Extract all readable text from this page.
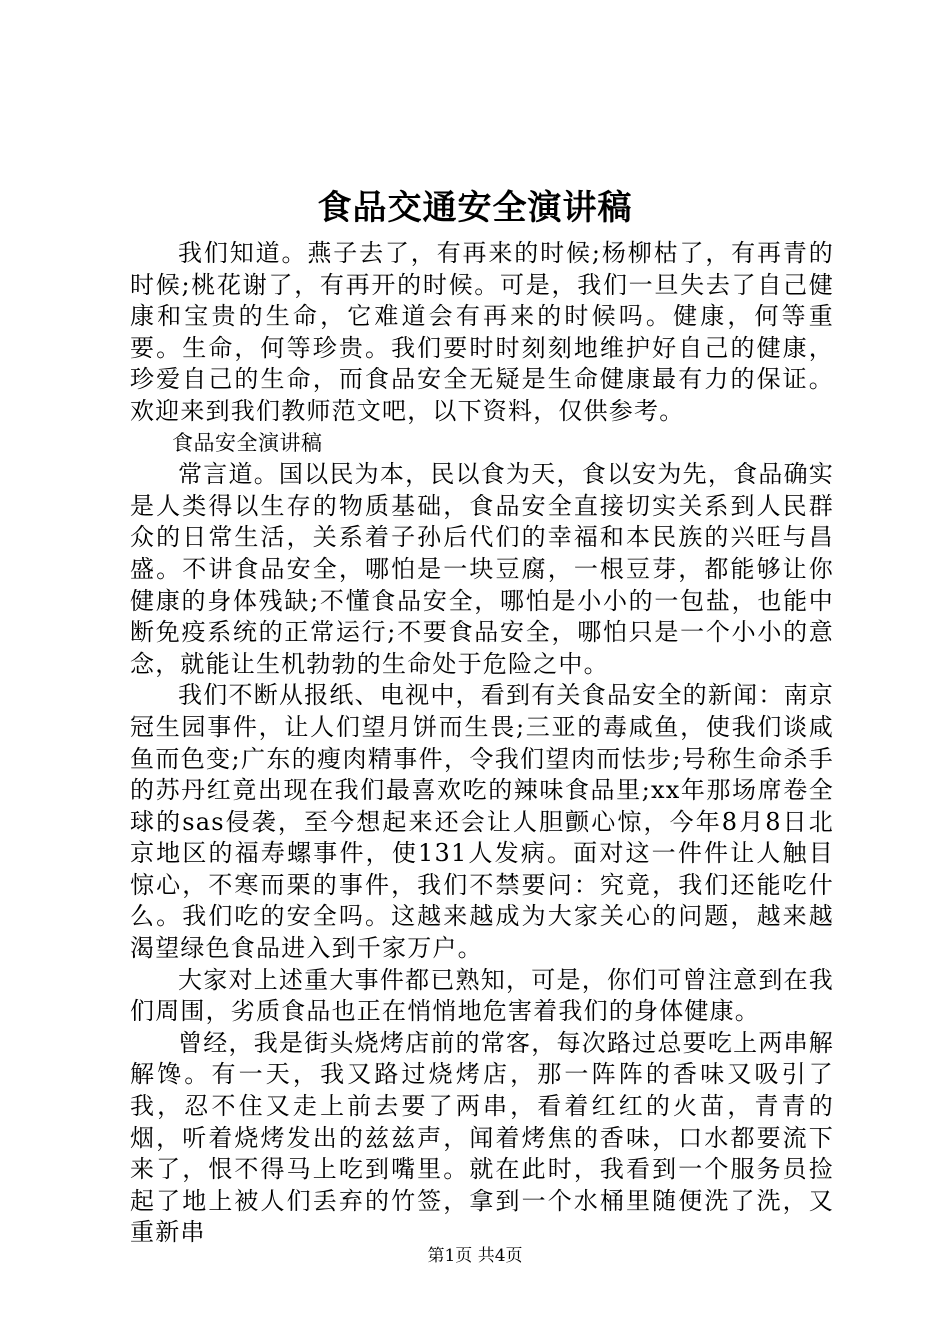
食品交通安全演讲稿

我们知道。燕子去了，有再来的时候;杨柳枯了，有再青的时候;桃花谢了，有再开的时候。可是，我们一旦失去了自己健康和宝贵的生命，它难道会有再来的时候吗。健康，何等重要。生命，何等珍贵。我们要时时刻刻地维护好自己的健康，珍爱自己的生命，而食品安全无疑是生命健康最有力的保证。欢迎来到我们教师范文吧，以下资料，仅供参考。

食品安全演讲稿

常言道。国以民为本，民以食为天，食以安为先，食品确实是人类得以生存的物质基础，食品安全直接切实关系到人民群众的日常生活，关系着子孙后代们的幸福和本民族的兴旺与昌盛。不讲食品安全，哪怕是一块豆腐，一根豆芽，都能够让你健康的身体残缺;不懂食品安全，哪怕是小小的一包盐，也能中断免疫系统的正常运行;不要食品安全，哪怕只是一个小小的意念，就能让生机勃勃的生命处于危险之中。

我们不断从报纸、电视中，看到有关食品安全的新闻：南京冠生园事件，让人们望月饼而生畏;三亚的毒咸鱼，使我们谈咸鱼而色变;广东的瘦肉精事件，令我们望肉而怯步;号称生命杀手的苏丹红竟出现在我们最喜欢吃的辣味食品里;xx年那场席卷全球的sas侵袭，至今想起来还会让人胆颤心惊，今年8月8日北京地区的福寿螺事件，使131人发病。面对这一件件让人触目惊心，不寒而栗的事件，我们不禁要问：究竟，我们还能吃什么。我们吃的安全吗。这越来越成为大家关心的问题，越来越渴望绿色食品进入到千家万户。

大家对上述重大事件都已熟知，可是，你们可曾注意到在我们周围，劣质食品也正在悄悄地危害着我们的身体健康。

曾经，我是街头烧烤店前的常客，每次路过总要吃上两串解解馋。有一天，我又路过烧烤店，那一阵阵的香味又吸引了我，忍不住又走上前去要了两串，看着红红的火苗，青青的烟，听着烧烤发出的兹兹声，闻着烤焦的香味，口水都要流下来了，恨不得马上吃到嘴里。就在此时，我看到一个服务员捡起了地上被人们丢弃的竹签，拿到一个水桶里随便洗了洗，又重新串

第1页 共4页
